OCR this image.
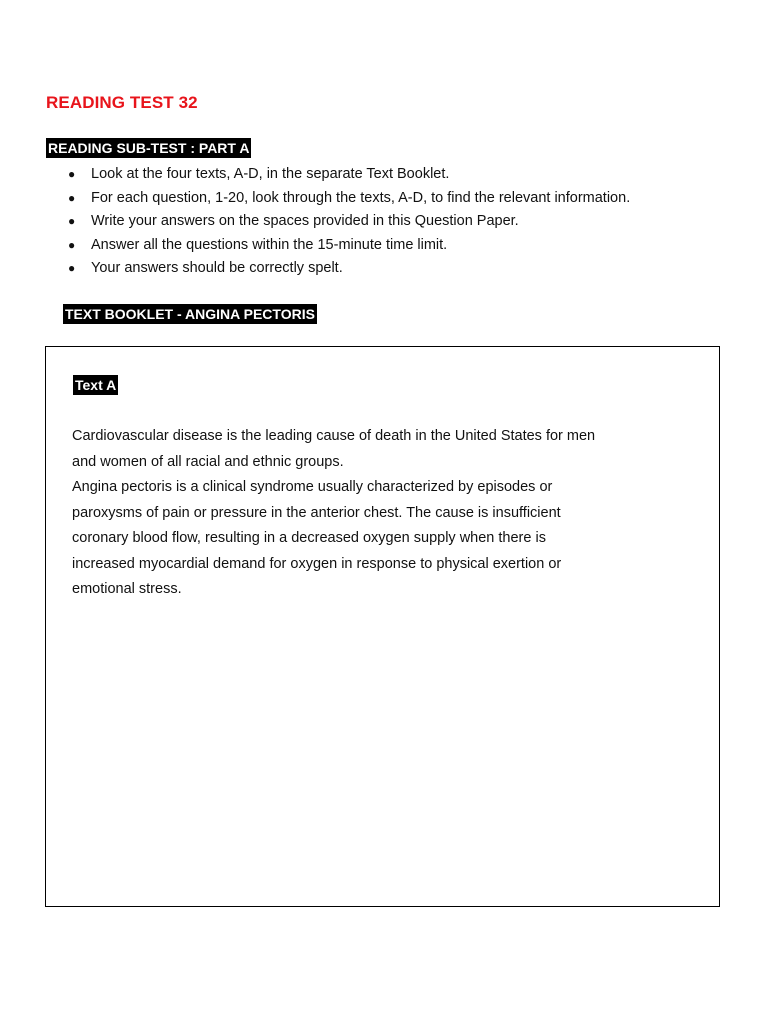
READING TEST 32
READING SUB-TEST : PART A
● Look at the four texts, A-D, in the separate Text Booklet.
● For each question, 1-20, look through the texts, A-D, to find the relevant information.
● Write your answers on the spaces provided in this Question Paper.
● Answer all the questions within the 15-minute time limit.
● Your answers should be correctly spelt.
TEXT BOOKLET - ANGINA PECTORIS
Text A

Cardiovascular disease is the leading cause of death in the United States for men

and women of all racial and ethnic groups.

Angina pectoris is a clinical syndrome usually characterized by episodes or

paroxysms of pain or pressure in the anterior chest. The cause is insufficient

coronary blood flow, resulting in a decreased oxygen supply when there is

increased myocardial demand for oxygen in response to physical exertion or

emotional stress.
